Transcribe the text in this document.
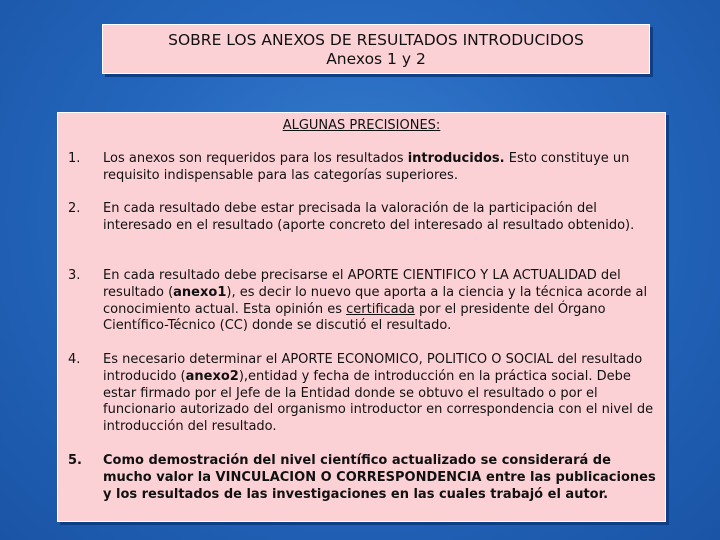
SOBRE LOS ANEXOS DE RESULTADOS INTRODUCIDOS
Anexos 1 y 2
ALGUNAS PRECISIONES:
1.	Los anexos son requeridos para los resultados introducidos. Esto constituye un requisito indispensable para las categorías superiores.
2.	En cada resultado debe estar precisada la valoración de la participación del interesado en el resultado (aporte concreto del interesado al resultado obtenido).
3.	En cada resultado debe precisarse el APORTE CIENTIFICO Y LA ACTUALIDAD del resultado (anexo1), es decir lo nuevo que aporta a la ciencia y la técnica acorde al conocimiento actual. Esta opinión es certificada por el presidente del Órgano Científico-Técnico (CC) donde se discutió el resultado.
4.	Es necesario determinar el APORTE ECONOMICO, POLITICO O SOCIAL del resultado introducido (anexo2),entidad y fecha de introducción en la práctica social. Debe estar firmado por el Jefe de la Entidad donde se obtuvo el resultado o por el funcionario autorizado del organismo introductor en correspondencia con el nivel de introducción del resultado.
5.	Como demostración del nivel científico actualizado se considerará de mucho valor la VINCULACION O CORRESPONDENCIA entre las publicaciones y los resultados de las investigaciones en las cuales trabajó el autor.
